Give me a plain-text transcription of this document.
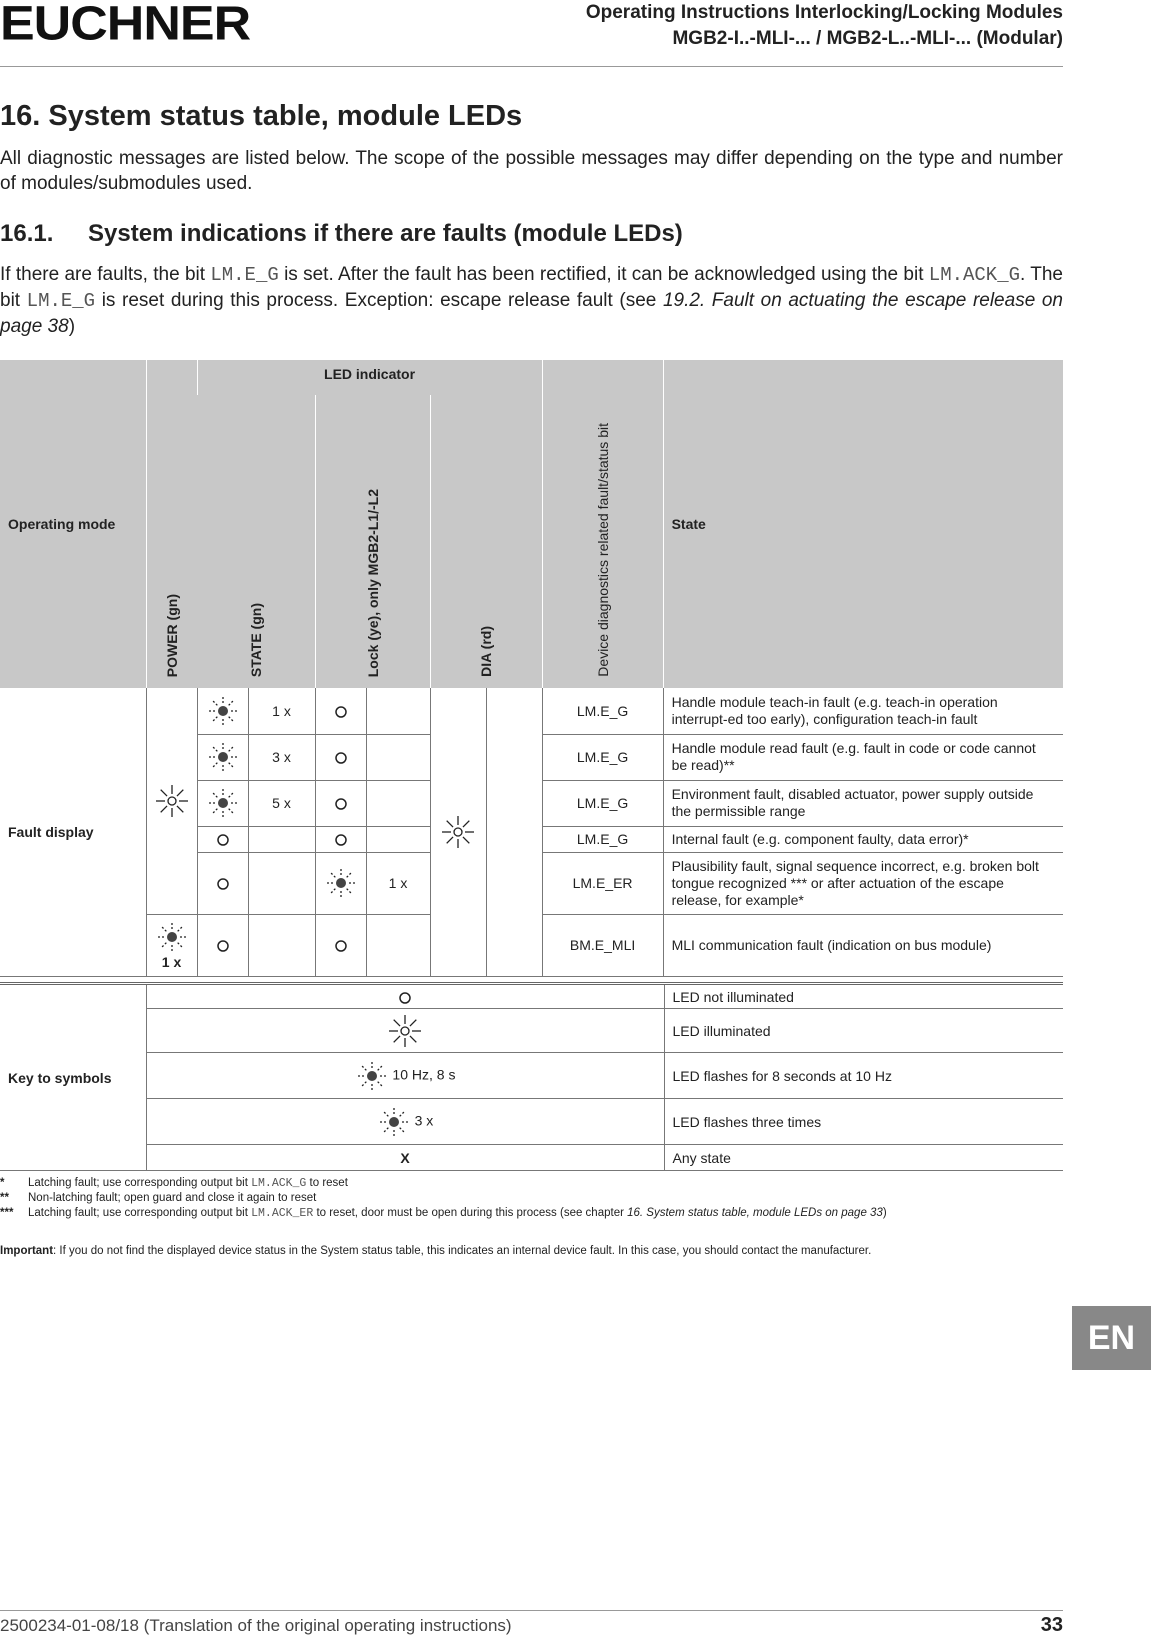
EUCHNER	Operating Instructions Interlocking/Locking Modules
MGB2-I..-MLI-... / MGB2-L..-MLI-... (Modular)
16. System status table, module LEDs

All diagnostic messages are listed below. The scope of the possible messages may differ depending on the type and number of modules/submodules used.

16.1. System indications if there are faults (module LEDs)

If there are faults, the bit LM.E_G is set. After the fault has been rectified, it can be acknowledged using the bit LM.ACK_G. The bit LM.E_G is reset during this process. Exception: escape release fault (see 19.2. Fault on actuating the escape release on page 38)

Operating mode	POWER (gn)	LED indicator						Device diagnostics related fault/status bit	State
		STATE (gn)		Lock (ye), only MGB2-L1/-L2		DIA (rd)			
Fault display			1 x					LM.E_G	Handle module teach-in fault (e.g. teach-in operation interrupt-ed too early), configuration teach-in fault
	3 x					LM.E_G	Handle module read fault (e.g. fault in code or code cannot be read)**
	5 x					LM.E_G	Environment fault, disabled actuator, power supply outside the permissible range
				LM.E_G	Internal fault (e.g. component faulty, data error)*
			1 x			LM.E_ER	Plausibility fault, signal sequence incorrect, e.g. broken bolt tongue recognized *** or after actuation of the escape release, for example*

	1 x							BM.E_MLI	MLI communication fault (indication on bus module)
Key to symbols		LED not illuminated
	LED illuminated
	10 Hz, 8 s	LED flashes for 8 seconds at 10 Hz
	3 x	LED flashes three times
	X	Any state
*	Latching fault; use corresponding output bit LM.ACK_G to reset
**	Non-latching fault; open guard and close it again to reset
***	Latching fault; use corresponding output bit LM.ACK_ER to reset, door must be open during this process (see chapter 16. System status table, module LEDs on page 33)
Important: If you do not find the displayed device status in the System status table, this indicates an internal device fault. In this case, you should contact the manufacturer.
EN
2500234-01-08/18 (Translation of the original operating instructions)	33
